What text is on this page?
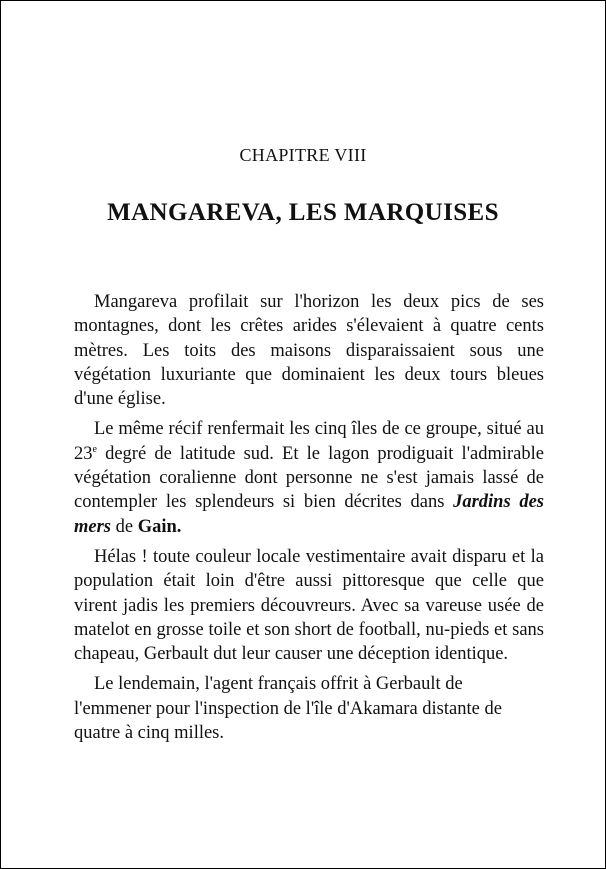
CHAPITRE VIII
MANGAREVA, LES MARQUISES

Mangareva profilait sur l'horizon les deux pics de ses montagnes, dont les crêtes arides s'élevaient à quatre cents mètres. Les toits des maisons disparaissaient sous une végétation luxuriante que dominaient les deux tours bleues d'une église.

Le même récif renfermait les cinq îles de ce groupe, situé au 23e degré de latitude sud. Et le lagon prodiguait l'admirable végétation coralienne dont personne ne s'est jamais lassé de contempler les splendeurs si bien décrites dans Jardins des mers de Gain.

Hélas ! toute couleur locale vestimentaire avait disparu et la population était loin d'être aussi pittoresque que celle que virent jadis les premiers découvreurs. Avec sa vareuse usée de matelot en grosse toile et son short de football, nu-pieds et sans chapeau, Gerbault dut leur causer une déception identique.

Le lendemain, l'agent français offrit à Gerbault de l'emmener pour l'inspection de l'île d'Akamara distante de quatre à cinq milles.
